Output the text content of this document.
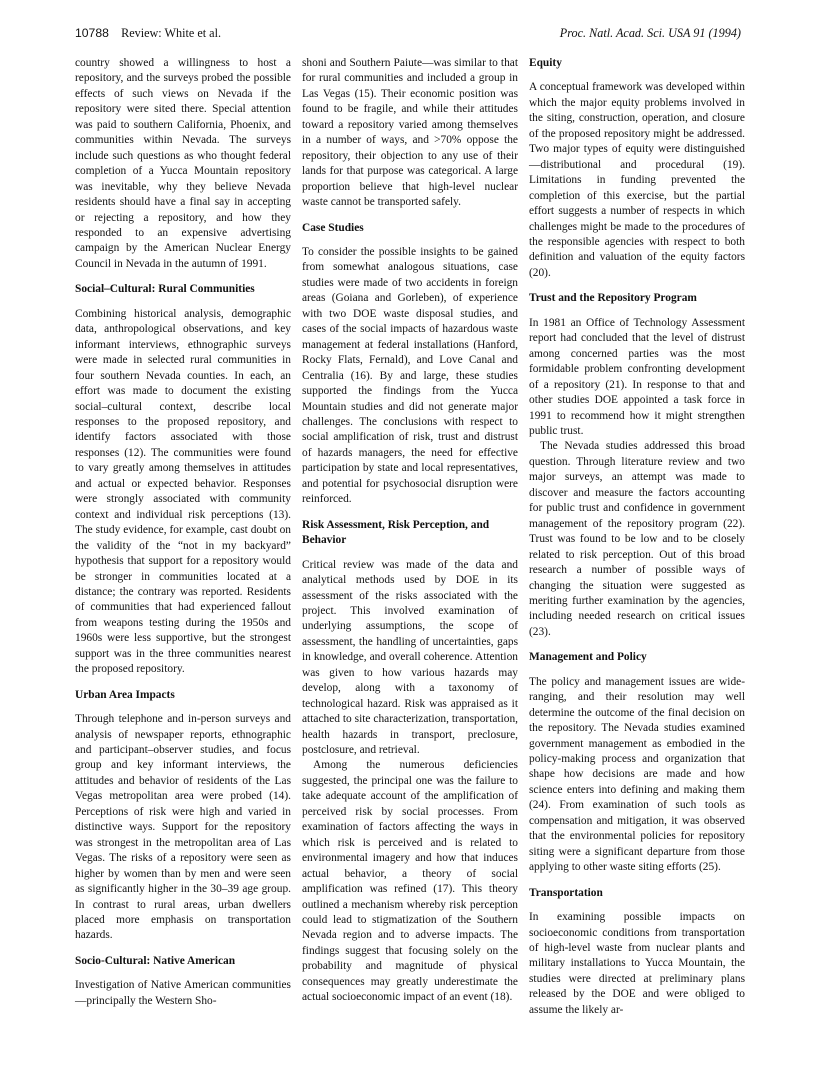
10788 Review: White et al.	Proc. Natl. Acad. Sci. USA 91 (1994)

country showed a willingness to host a repository, and the surveys probed the possible effects of such views on Nevada if the repository were sited there. Special attention was paid to southern California, Phoenix, and communities within Nevada. The surveys include such questions as who thought federal completion of a Yucca Mountain repository was inevitable, why they believe Nevada residents should have a final say in accepting or rejecting a repository, and how they responded to an expensive advertising campaign by the American Nuclear Energy Council in Nevada in the autumn of 1991.

Social–Cultural: Rural Communities

Combining historical analysis, demographic data, anthropological observations, and key informant interviews, ethnographic surveys were made in selected rural communities in four southern Nevada counties. In each, an effort was made to document the existing social–cultural context, describe local responses to the proposed repository, and identify factors associated with those responses (12). The communities were found to vary greatly among themselves in attitudes and actual or expected behavior. Responses were strongly associated with community context and individual risk perceptions (13). The study evidence, for example, cast doubt on the validity of the “not in my backyard” hypothesis that support for a repository would be stronger in communities located at a distance; the contrary was reported. Residents of communities that had experienced fallout from weapons testing during the 1950s and 1960s were less supportive, but the strongest support was in the three communities nearest the proposed repository.

Urban Area Impacts

Through telephone and in-person surveys and analysis of newspaper reports, ethnographic and participant–observer studies, and focus group and key informant interviews, the attitudes and behavior of residents of the Las Vegas metropolitan area were probed (14). Perceptions of risk were high and varied in distinctive ways. Support for the repository was strongest in the metropolitan area of Las Vegas. The risks of a repository were seen as higher by women than by men and were seen as significantly higher in the 30–39 age group. In contrast to rural areas, urban dwellers placed more emphasis on transportation hazards.

Socio-Cultural: Native American

Investigation of Native American communities—principally the Western Sho-

shoni and Southern Paiute—was similar to that for rural communities and included a group in Las Vegas (15). Their economic position was found to be fragile, and while their attitudes toward a repository varied among themselves in a number of ways, and >70% oppose the repository, their objection to any use of their lands for that purpose was categorical. A large proportion believe that high-level nuclear waste cannot be transported safely.

Case Studies

To consider the possible insights to be gained from somewhat analogous situations, case studies were made of two accidents in foreign areas (Goiana and Gorleben), of experience with two DOE waste disposal studies, and cases of the social impacts of hazardous waste management at federal installations (Hanford, Rocky Flats, Fernald), and Love Canal and Centralia (16). By and large, these studies supported the findings from the Yucca Mountain studies and did not generate major challenges. The conclusions with respect to social amplification of risk, trust and distrust of hazards managers, the need for effective participation by state and local representatives, and potential for psychosocial disruption were reinforced.

Risk Assessment, Risk Perception, and Behavior

Critical review was made of the data and analytical methods used by DOE in its assessment of the risks associated with the project. This involved examination of underlying assumptions, the scope of assessment, the handling of uncertainties, gaps in knowledge, and overall coherence. Attention was given to how various hazards may develop, along with a taxonomy of technological hazard. Risk was appraised as it attached to site characterization, transportation, health hazards in transport, preclosure, postclosure, and retrieval.

Among the numerous deficiencies suggested, the principal one was the failure to take adequate account of the amplification of perceived risk by social processes. From examination of factors affecting the ways in which risk is perceived and is related to environmental imagery and how that induces actual behavior, a theory of social amplification was refined (17). This theory outlined a mechanism whereby risk perception could lead to stigmatization of the Southern Nevada region and to adverse impacts. The findings suggest that focusing solely on the probability and magnitude of physical consequences may greatly underestimate the actual socioeconomic impact of an event (18).

Equity

A conceptual framework was developed within which the major equity problems involved in the siting, construction, operation, and closure of the proposed repository might be addressed. Two major types of equity were distinguished—distributional and procedural (19). Limitations in funding prevented the completion of this exercise, but the partial effort suggests a number of respects in which challenges might be made to the procedures of the responsible agencies with respect to both definition and valuation of the equity factors (20).

Trust and the Repository Program

In 1981 an Office of Technology Assessment report had concluded that the level of distrust among concerned parties was the most formidable problem confronting development of a repository (21). In response to that and other studies DOE appointed a task force in 1991 to recommend how it might strengthen public trust.

The Nevada studies addressed this broad question. Through literature review and two major surveys, an attempt was made to discover and measure the factors accounting for public trust and confidence in government management of the repository program (22). Trust was found to be low and to be closely related to risk perception. Out of this broad research a number of possible ways of changing the situation were suggested as meriting further examination by the agencies, including needed research on critical issues (23).

Management and Policy

The policy and management issues are wide-ranging, and their resolution may well determine the outcome of the final decision on the repository. The Nevada studies examined government management as embodied in the policy-making process and organization that shape how decisions are made and how science enters into defining and making them (24). From examination of such tools as compensation and mitigation, it was observed that the environmental policies for repository siting were a significant departure from those applying to other waste siting efforts (25).

Transportation

In examining possible impacts on socioeconomic conditions from transportation of high-level waste from nuclear plants and military installations to Yucca Mountain, the studies were directed at preliminary plans released by the DOE and were obliged to assume the likely ar-
